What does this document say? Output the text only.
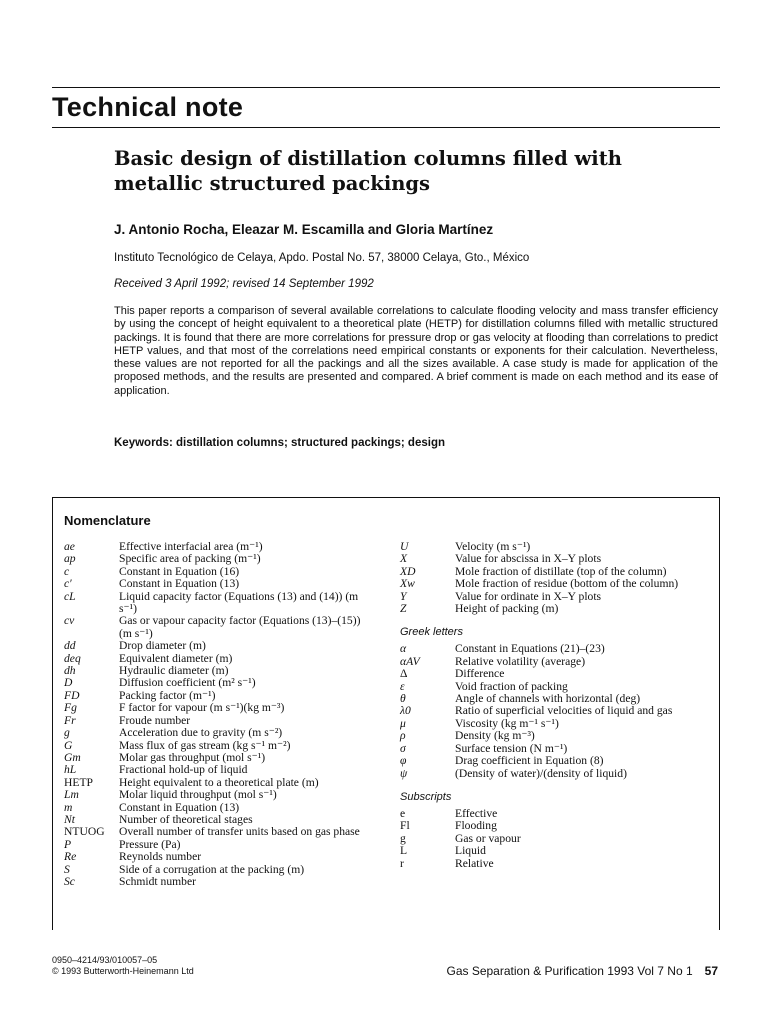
Technical note
Basic design of distillation columns filled with metallic structured packings
J. Antonio Rocha, Eleazar M. Escamilla and Gloria Martínez
Instituto Tecnológico de Celaya, Apdo. Postal No. 57, 38000 Celaya, Gto., México
Received 3 April 1992; revised 14 September 1992

This paper reports a comparison of several available correlations to calculate flooding velocity and mass transfer efficiency by using the concept of height equivalent to a theoretical plate (HETP) for distillation columns filled with metallic structured packings. It is found that there are more correlations for pressure drop or gas velocity at flooding than correlations to predict HETP values, and that most of the correlations need empirical constants or exponents for their calculation. Nevertheless, these values are not reported for all the packings and all the sizes available. A case study is made for application of the proposed methods, and the results are presented and compared. A brief comment is made on each method and its ease of application.

Keywords: distillation columns; structured packings; design
Nomenclature
ae	Effective interfacial area (m⁻¹)
ap	Specific area of packing (m⁻¹)
c	Constant in Equation (16)
c′	Constant in Equation (13)
cL	Liquid capacity factor (Equations (13) and (14)) (m s⁻¹)
cv	Gas or vapour capacity factor (Equations (13)–(15)) (m s⁻¹)
dd	Drop diameter (m)
deq	Equivalent diameter (m)
dh	Hydraulic diameter (m)
D	Diffusion coefficient (m² s⁻¹)
FD	Packing factor (m⁻¹)
Fg	F factor for vapour (m s⁻¹)(kg m⁻³)
Fr	Froude number
g	Acceleration due to gravity (m s⁻²)
G	Mass flux of gas stream (kg s⁻¹ m⁻²)
Gm	Molar gas throughput (mol s⁻¹)
hL	Fractional hold-up of liquid
HETP	Height equivalent to a theoretical plate (m)
Lm	Molar liquid throughput (mol s⁻¹)
m	Constant in Equation (13)
Nt	Number of theoretical stages
NTUOG	Overall number of transfer units based on gas phase
P	Pressure (Pa)
Re	Reynolds number
S	Side of a corrugation at the packing (m)
Sc	Schmidt number
U	Velocity (m s⁻¹)
X	Value for abscissa in X–Y plots
XD	Mole fraction of distillate (top of the column)
Xw	Mole fraction of residue (bottom of the column)
Y	Value for ordinate in X–Y plots
Z	Height of packing (m)
Greek letters
α	Constant in Equations (21)–(23)
αAV	Relative volatility (average)
Δ	Difference
ε	Void fraction of packing
θ	Angle of channels with horizontal (deg)
λ0	Ratio of superficial velocities of liquid and gas
μ	Viscosity (kg m⁻¹ s⁻¹)
ρ	Density (kg m⁻³)
σ	Surface tension (N m⁻¹)
φ	Drag coefficient in Equation (8)
ψ	(Density of water)/(density of liquid)
Subscripts
e	Effective
Fl	Flooding
g	Gas or vapour
L	Liquid
r	Relative
0950–4214/93/010057–05
© 1993 Butterworth-Heinemann Ltd	Gas Separation & Purification 1993 Vol 7 No 1 57
